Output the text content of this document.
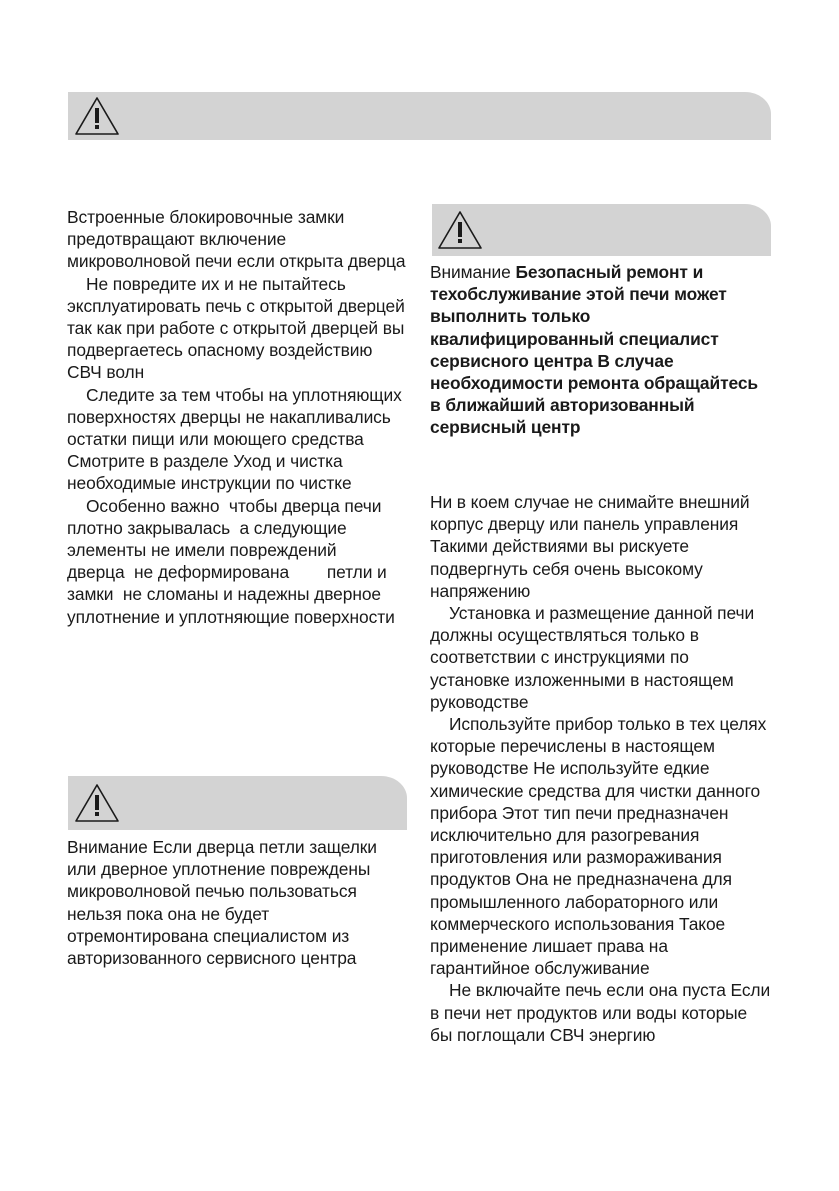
Встроенные блокировочные замки предотвращают включение микроволновой печи если открыта дверца

Не повредите их и не пытайтесь эксплуатировать печь с открытой дверцей так как при работе с открытой дверцей вы подвергаетесь опасному воздействию СВЧ волн

Следите за тем чтобы на уплотняющих поверхностях дверцы не накапливались остатки пищи или моющего средства Смотрите в разделе Уход и чистка необходимые инструкции по чистке

Особенно важно  чтобы дверца печи плотно закрывалась  а следующие элементы не имели повреждений       дверца  не деформирована        петли и замки  не сломаны и надежны дверное уплотнение и уплотняющие поверхности

Внимание Если дверца петли защелки или дверное уплотнение повреждены микроволновой печью пользоваться нельзя пока она не будет отремонтирована специалистом из авторизованного сервисного центра

Внимание Безопасный ремонт и техобслуживание этой печи может выполнить только квалифицированный специалист сервисного центра В случае необходимости ремонта обращайтесь в ближайший авторизованный сервисный центр

Ни в коем случае не снимайте внешний корпус дверцу или панель управления Такими действиями вы рискуете подвергнуть себя очень высокому напряжению

Установка и размещение данной печи должны осуществляться только в соответствии с инструкциями по установке изложенными в настоящем руководстве

Используйте прибор только в тех целях которые перечислены в настоящем руководстве Не используйте едкие химические средства для чистки данного прибора Этот тип печи предназначен исключительно для разогревания приготовления или размораживания продуктов Она не предназначена для промышленного лабораторного или коммерческого использования Такое применение лишает права на гарантийное обслуживание

Не включайте печь если она пуста Если в печи нет продуктов или воды которые бы поглощали СВЧ энергию
